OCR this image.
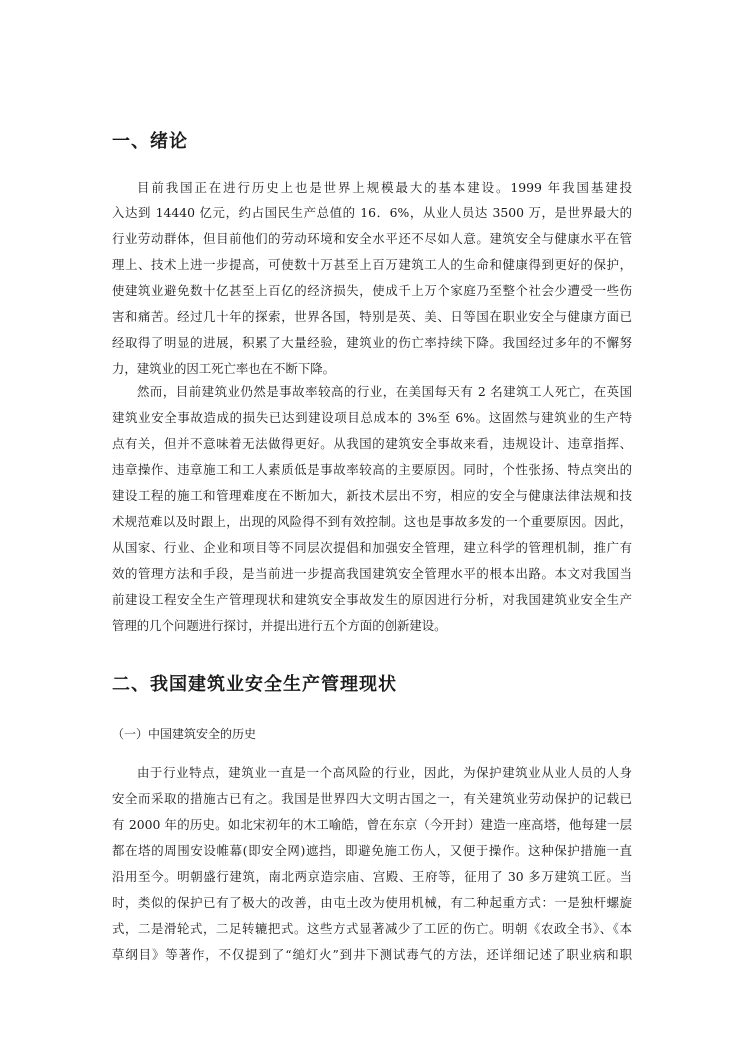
一、绪论
目前我国正在进行历史上也是世界上规模最大的基本建设。1999 年我国基建投
入达到 14440 亿元，约占国民生产总值的 16．6%，从业人员达 3500 万，是世界最大的
行业劳动群体，但目前他们的劳动环境和安全水平还不尽如人意。建筑安全与健康水平在管
理上、技术上进一步提高，可使数十万甚至上百万建筑工人的生命和健康得到更好的保护，
使建筑业避免数十亿甚至上百亿的经济损失，使成千上万个家庭乃至整个社会少遭受一些伤
害和痛苦。经过几十年的探索，世界各国，特别是英、美、日等国在职业安全与健康方面已
经取得了明显的进展，积累了大量经验，建筑业的伤亡率持续下降。我国经过多年的不懈努
力，建筑业的因工死亡率也在不断下降。
然而，目前建筑业仍然是事故率较高的行业，在美国每天有 2 名建筑工人死亡，在英国
建筑业安全事故造成的损失已达到建设项目总成本的 3%至 6%。这固然与建筑业的生产特
点有关，但并不意味着无法做得更好。从我国的建筑安全事故来看，违规设计、违章指挥、
违章操作、违章施工和工人素质低是事故率较高的主要原因。同时，个性张扬、特点突出的
建设工程的施工和管理难度在不断加大，新技术层出不穷，相应的安全与健康法律法规和技
术规范难以及时跟上，出现的风险得不到有效控制。这也是事故多发的一个重要原因。因此，
从国家、行业、企业和项目等不同层次提倡和加强安全管理，建立科学的管理机制，推广有
效的管理方法和手段，是当前进一步提高我国建筑安全管理水平的根本出路。本文对我国当
前建设工程安全生产管理现状和建筑安全事故发生的原因进行分析，对我国建筑业安全生产
管理的几个问题进行探讨，并提出进行五个方面的创新建设。
二、我国建筑业安全生产管理现状
（一）中国建筑安全的历史
由于行业特点，建筑业一直是一个高风险的行业，因此，为保护建筑业从业人员的人身
安全而采取的措施古已有之。我国是世界四大文明古国之一，有关建筑业劳动保护的记载已
有 2000 年的历史。如北宋初年的木工喻皓，曾在东京（今开封）建造一座高塔，他每建一层
都在塔的周围安设帷幕(即安全网)遮挡，即避免施工伤人，又便于操作。这种保护措施一直
沿用至今。明朝盛行建筑，南北两京造宗庙、宫殿、王府等，征用了 30 多万建筑工匠。当
时，类似的保护已有了极大的改善，由屯土改为使用机械，有二种起重方式：一是独杆螺旋
式，二是滑轮式，二足转辘把式。这些方式显著减少了工匠的伤亡。明朝《农政全书》、《本
草纲目》等著作，不仅提到了“缒灯火”到井下测试毒气的方法，还详细记述了职业病和职
